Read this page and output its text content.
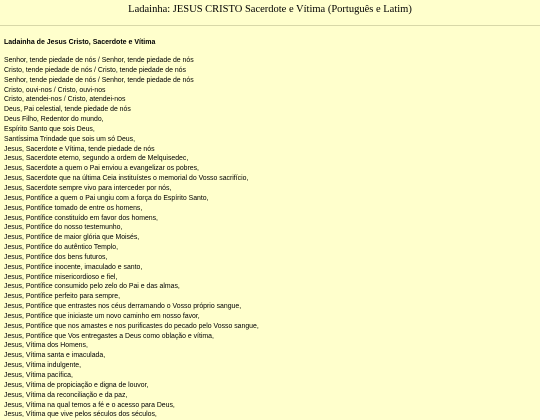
Ladainha: JESUS CRISTO Sacerdote e Vítima (Português e Latim)
Ladainha de Jesus Cristo, Sacerdote e Vítima
Senhor, tende piedade de nós / Senhor, tende piedade de nós
Cristo, tende piedade de nós / Cristo, tende piedade de nós
Senhor, tende piedade de nós / Senhor, tende piedade de nós
Cristo, ouvi-nos / Cristo, ouvi-nos
Cristo, atendei-nos / Cristo, atendei-nos
Deus, Pai celestial, tende piedade de nós
Deus Filho, Redentor do mundo,
Espírito Santo que sois Deus,
Santíssima Trindade que sois um só Deus,
Jesus, Sacerdote e Vítima, tende piedade de nós
Jesus, Sacerdote eterno, segundo a ordem de Melquisedec,
Jesus, Sacerdote a quem o Pai enviou a evangelizar os pobres,
Jesus, Sacerdote que na última Ceia instituístes o memorial do Vosso sacrifício,
Jesus, Sacerdote sempre vivo para interceder por nós,
Jesus, Pontífice a quem o Pai ungiu com a força do Espírito Santo,
Jesus, Pontífice tomado de entre os homens,
Jesus, Pontífice constituído em favor dos homens,
Jesus, Pontífice do nosso testemunho,
Jesus, Pontífice de maior glória que Moisés,
Jesus, Pontífice do autêntico Templo,
Jesus, Pontífice dos bens futuros,
Jesus, Pontífice inocente, imaculado e santo,
Jesus, Pontífice misericordioso e fiel,
Jesus, Pontífice consumido pelo zelo do Pai e das almas,
Jesus, Pontífice perfeito para sempre,
Jesus, Pontífice que entrastes nos céus derramando o Vosso próprio sangue,
Jesus, Pontífice que iniciaste um novo caminho em nosso favor,
Jesus, Pontífice que nos amastes e nos purificastes do pecado pelo Vosso sangue,
Jesus, Pontífice que Vos entregastes a Deus como oblação e vítima,
Jesus, Vítima dos Homens,
Jesus, Vítima santa e imaculada,
Jesus, Vítima indulgente,
Jesus, Vítima pacífica,
Jesus, Vítima de propiciação e digna de louvor,
Jesus, Vítima da reconciliação e da paz,
Jesus, Vítima na qual temos a fé e o acesso para Deus,
Jesus, Vítima que vive pelos séculos dos séculos,
